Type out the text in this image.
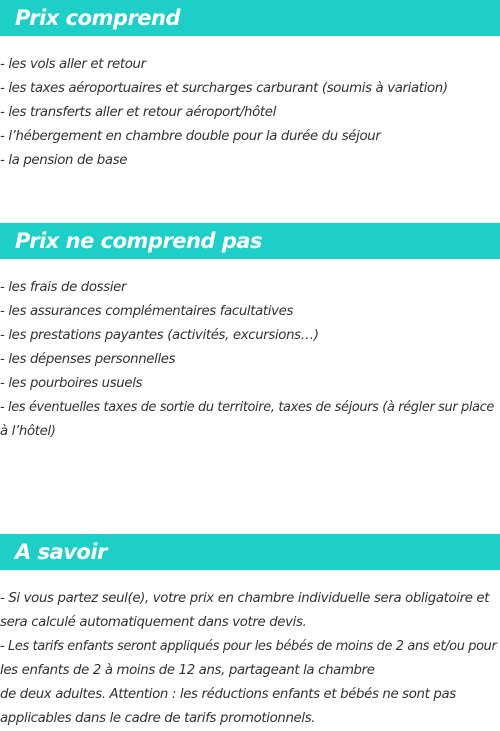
Prix comprend
- les vols aller et retour
- les taxes aéroportuaires et surcharges carburant (soumis à variation)
- les transferts aller et retour aéroport/hôtel
- l’hébergement en chambre double pour la durée du séjour
- la pension de base
Prix ne comprend pas
- les frais de dossier
- les assurances complémentaires facultatives
- les prestations payantes (activités, excursions…)
- les dépenses personnelles
- les pourboires usuels
- les éventuelles taxes de sortie du territoire, taxes de séjours (à régler sur place
à l’hôtel)
A savoir
- Si vous partez seul(e), votre prix en chambre individuelle sera obligatoire et
sera calculé automatiquement dans votre devis.
- Les tarifs enfants seront appliqués pour les bébés de moins de 2 ans et/ou pour
les enfants de 2 à moins de 12 ans, partageant la chambre
de deux adultes. Attention : les réductions enfants et bébés ne sont pas
applicables dans le cadre de tarifs promotionnels.
